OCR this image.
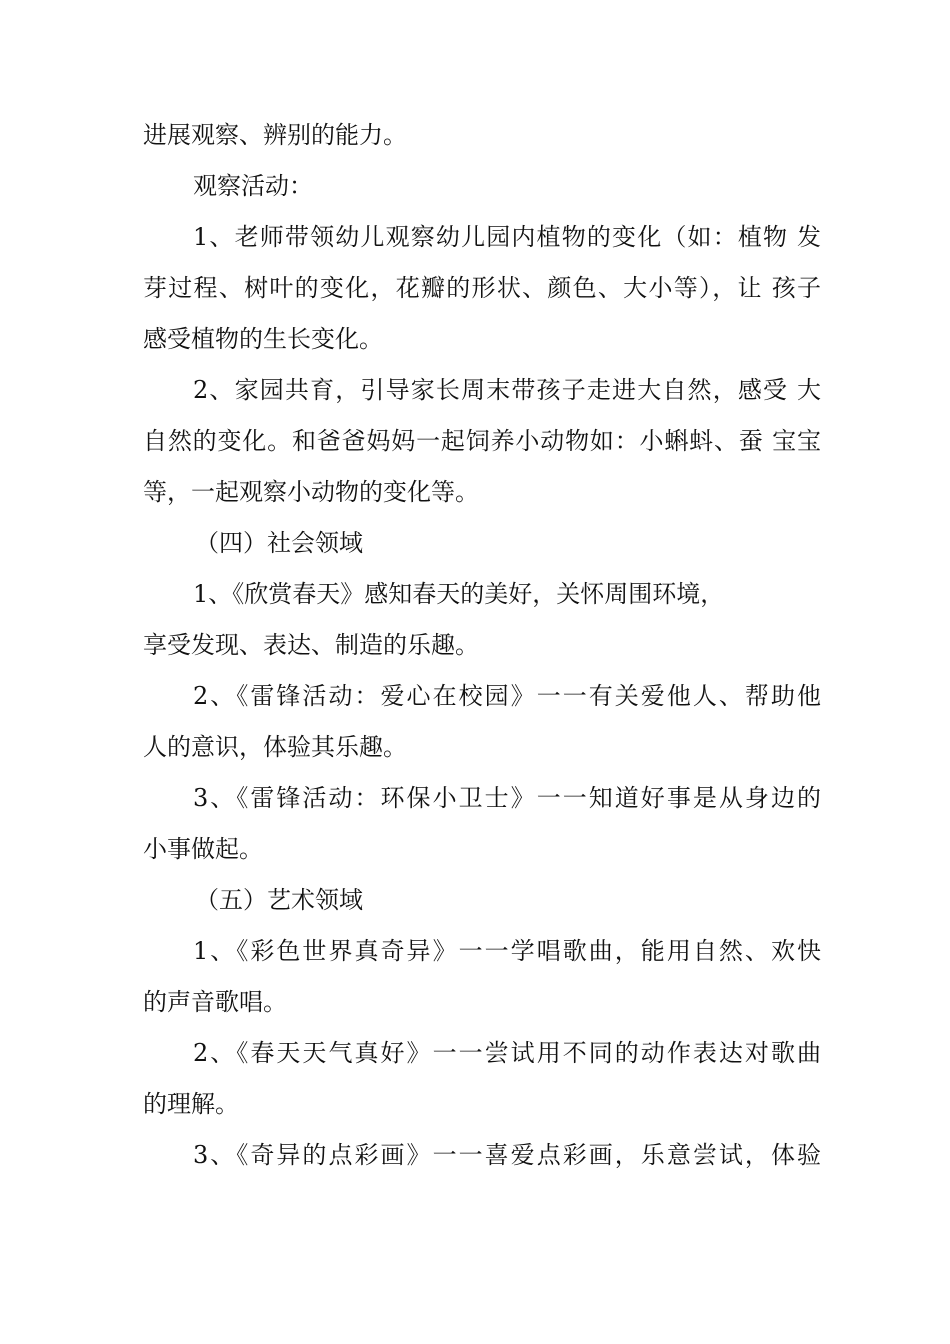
进展观察、辨别的能力。
观察活动：
1、老师带领幼儿观察幼儿园内植物的变化（如：植物 发
芽过程、树叶的变化，花瓣的形状、颜色、大小等），让 孩子
感受植物的生长变化。
2、家园共育，引导家长周末带孩子走进大自然，感受 大
自然的变化。和爸爸妈妈一起饲养小动物如：小蝌蚪、蚕 宝宝
等，一起观察小动物的变化等。
（四）社会领域
1、《欣赏春天》感知春天的美好，关怀周围环境，
享受发现、表达、制造的乐趣。
2、《雷锋活动：爱心在校园》一一有关爱他人、帮助他
人的意识，体验其乐趣。
3、《雷锋活动：环保小卫士》一一知道好事是从身边的
小事做起。
（五）艺术领域
1、《彩色世界真奇异》一一学唱歌曲，能用自然、欢快
的声音歌唱。
2、《春天天气真好》一一尝试用不同的动作表达对歌曲
的理解。
3、《奇异的点彩画》一一喜爱点彩画，乐意尝试，体验
